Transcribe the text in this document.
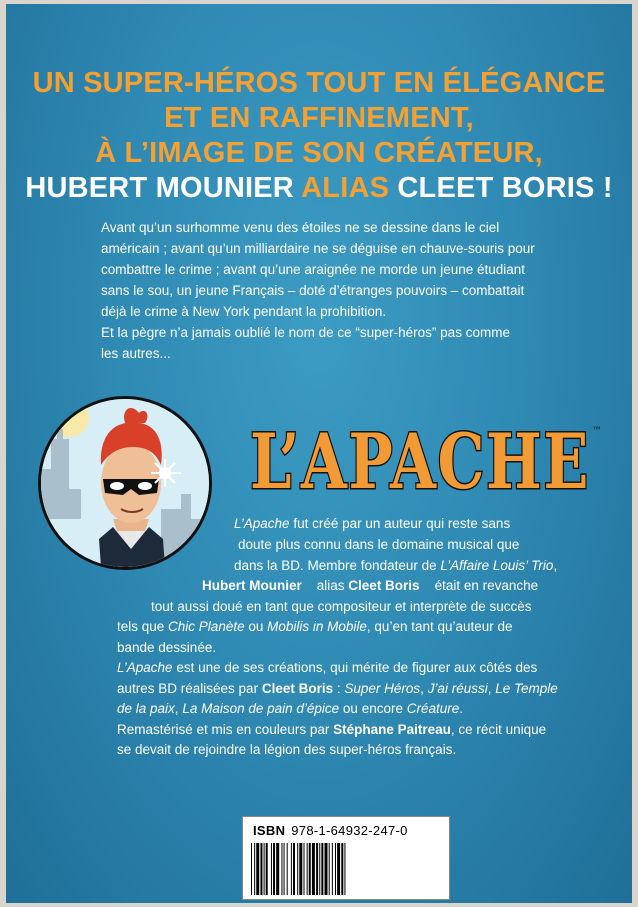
UN SUPER-HÉROS TOUT EN ÉLÉGANCE
ET EN RAFFINEMENT,
À L’IMAGE DE SON CRÉATEUR,
HUBERT MOUNIER ALIAS CLEET BORIS !

Avant qu’un surhomme venu des étoiles ne se dessine dans le ciel

américain ; avant qu’un milliardaire ne se déguise en chauve-souris pour

combattre le crime ; avant qu’une araignée ne morde un jeune étudiant

sans le sou, un jeune Français – doté d’étranges pouvoirs – combattait

déjà le crime à New York pendant la prohibition.

Et la pègre n’a jamais oublié le nom de ce “super-héros” pas comme

les autres...

L’APACHE ™
L’Apache fut créé par un auteur qui reste sans
doute plus connu dans le domaine musical que
dans la BD. Membre fondateur de L’Affaire Louis’ Trio,
Hubert Mounier alias Cleet Boris était en revanche
tout aussi doué en tant que compositeur et interprète de succès
tels que Chic Planète ou Mobilis in Mobile, qu’en tant qu’auteur de
bande dessinée.
L’Apache est une de ses créations, qui mérite de figurer aux côtés des
autres BD réalisées par Cleet Boris : Super Héros, J’ai réussi, Le Temple
de la paix, La Maison de pain d’épice ou encore Créature.
Remastérisé et mis en couleurs par Stéphane Paitreau, ce récit unique
se devait de rejoindre la légion des super-héros français.
ISBN 978-1-64932-247-0
